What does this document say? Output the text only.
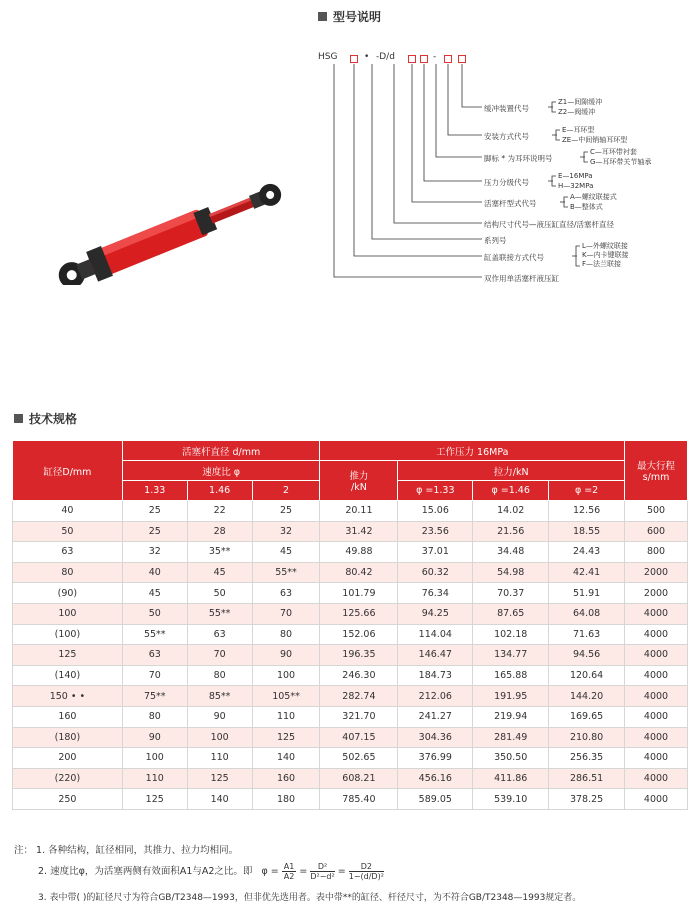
型号说明
HSG	• -D/d	-
缓冲装置代号
Z1—间隙缓冲
Z2—阀缓冲
安装方式代号
E—耳环型
ZE—中间销轴耳环型
脚标 * 为耳环说明号
C—耳环带衬套
G—耳环带关节轴承
压力分级代号
E—16MPa
H—32MPa
活塞杆型式代号
A—螺纹联接式
B—整体式
结构尺寸代号—液压缸直径/活塞杆直径
系列号
缸盖联接方式代号
L—外螺纹联接
K—内卡键联接
F—法兰联接
双作用单活塞杆液压缸
技术规格
缸径D/mm	活塞杆直径 d/mm			工作压力 16MPa				最大行程
s/mm
	速度比 φ			推力
/kN	拉力/kN			
	1.33	1.46	2		φ =1.33	φ =1.46	φ =2	
40	25	22	25	20.11	15.06	14.02	12.56	500
50	25	28	32	31.42	23.56	21.56	18.55	600
63	32	35**	45	49.88	37.01	34.48	24.43	800
80	40	45	55**	80.42	60.32	54.98	42.41	2000
(90)	45	50	63	101.79	76.34	70.37	51.91	2000
100	50	55**	70	125.66	94.25	87.65	64.08	4000
(100)	55**	63	80	152.06	114.04	102.18	71.63	4000
125	63	70	90	196.35	146.47	134.77	94.56	4000
(140)	70	80	100	246.30	184.73	165.88	120.64	4000
150 • •	75**	85**	105**	282.74	212.06	191.95	144.20	4000
160	80	90	110	321.70	241.27	219.94	169.65	4000
(180)	90	100	125	407.15	304.36	281.49	210.80	4000
200	100	110	140	502.65	376.99	350.50	256.35	4000
(220)	110	125	160	608.21	456.16	411.86	286.51	4000
250	125	140	180	785.40	589.05	539.10	378.25	4000
注： 1. 各种结构，缸径相同，其推力、拉力均相同。
2. 速度比φ，为活塞两侧有效面积A1与A2之比。即 $\varphi = \frac{A1}{A2} = \frac{\text{D²}}{\text{D²−d²}} = \frac{D2}{\text{1−(d/D)²}}$
3. 表中带( )的缸径尺寸为符合GB/T2348—1993，但非优先选用者。表中带**的缸径、杆径尺寸，为不符合GB/T2348—1993规定者。
